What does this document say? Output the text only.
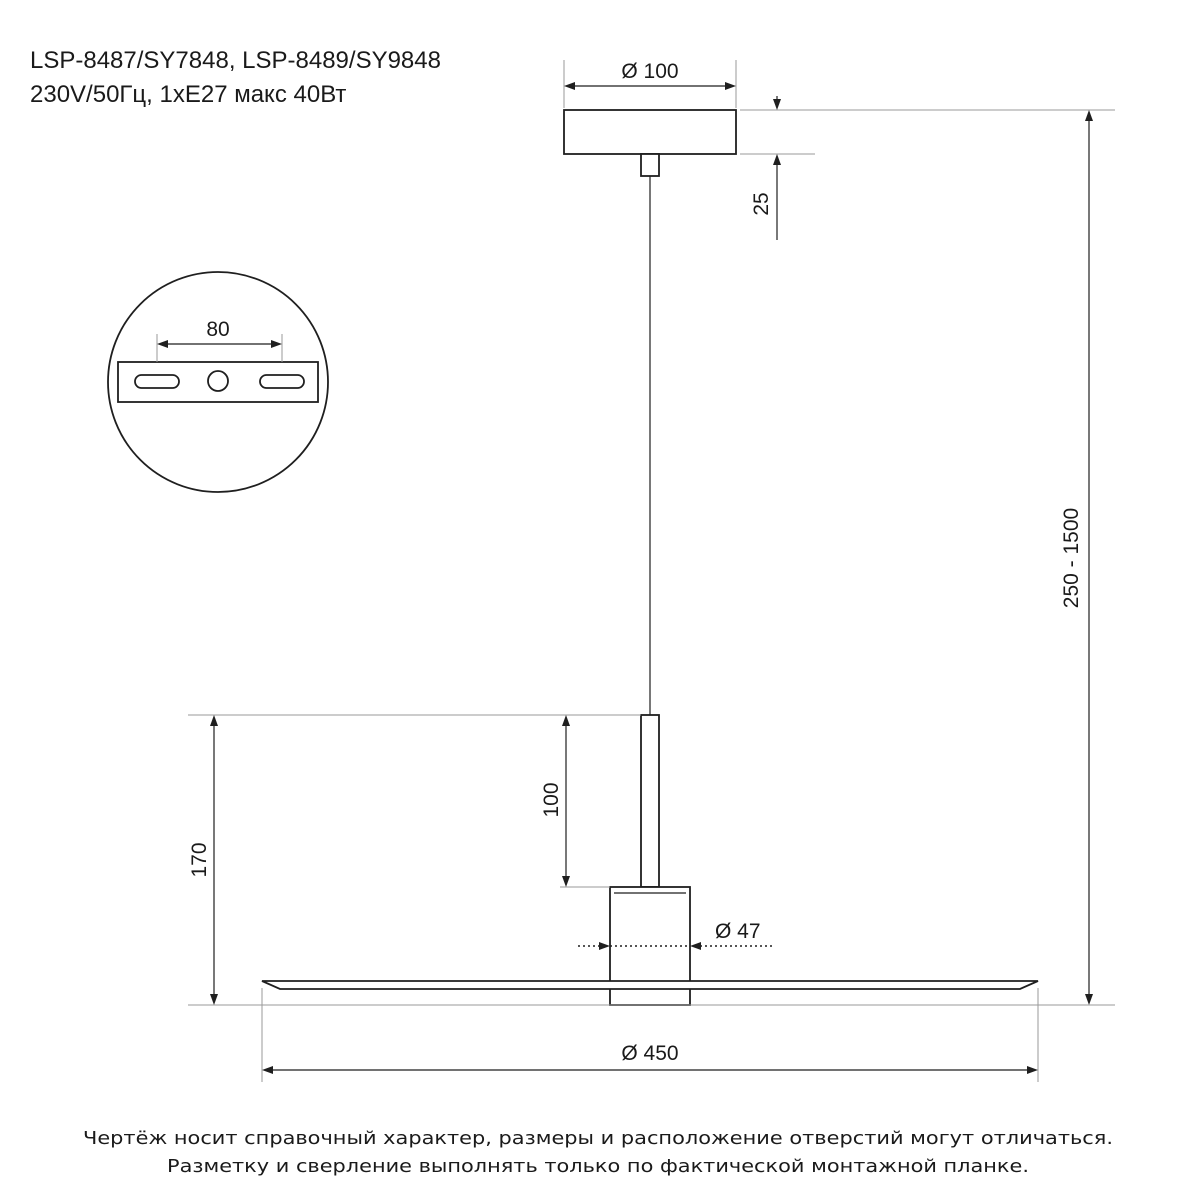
LSP-8487/SY7848, LSP-8489/SY9848
230V/50Гц, 1xE27 макс 40Вт
Ø 100
25
80
250 - 1500
100
170
Ø 47
Ø 450
Чертёж носит справочный характер, размеры и расположение отверстий могут отличаться.
Разметку и сверление выполнять только по фактической монтажной планке.
